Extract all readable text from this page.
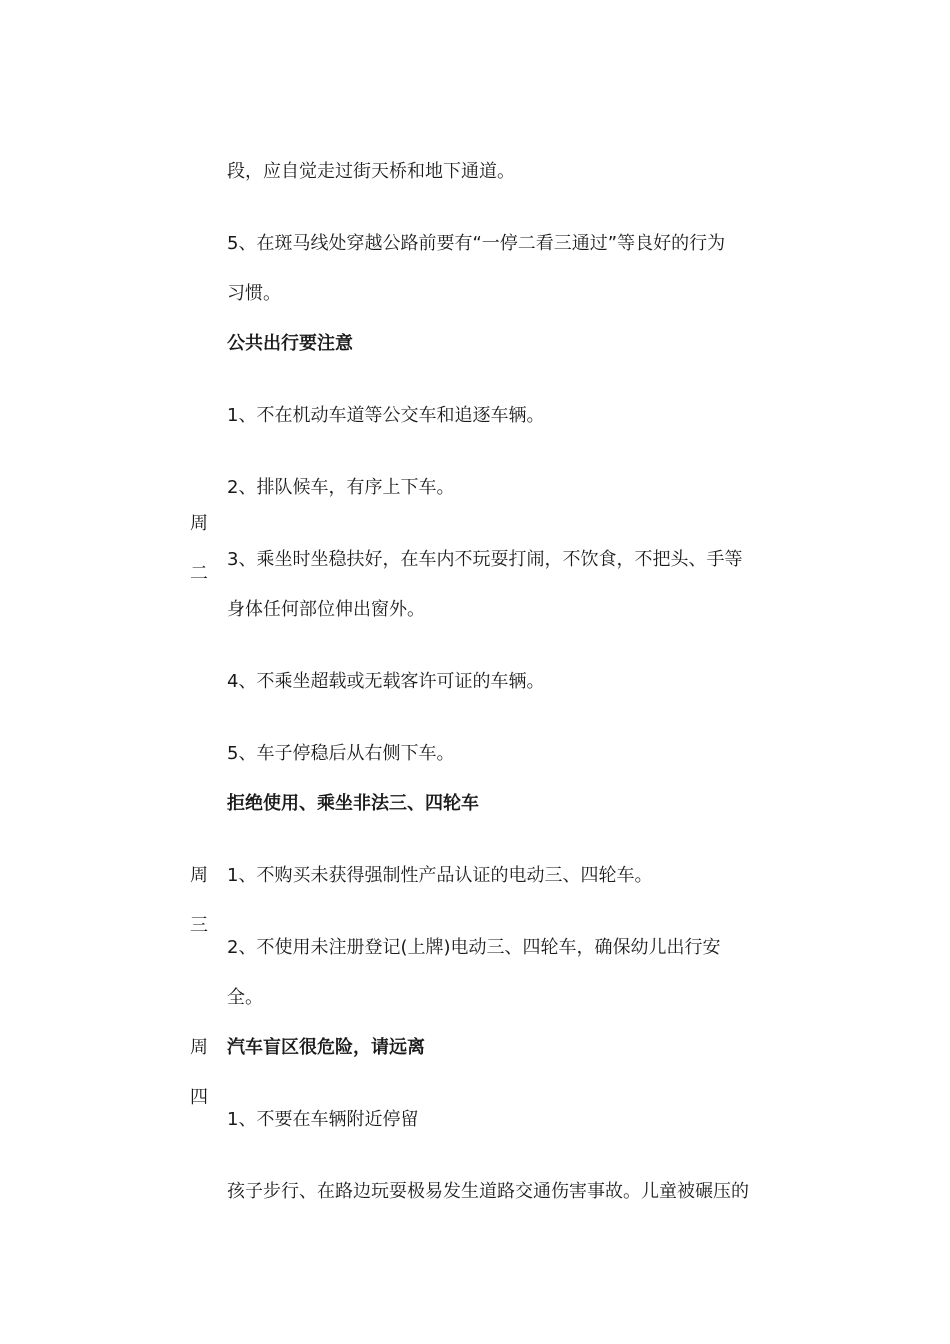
段，应自觉走过街天桥和地下通道。
5、在斑马线处穿越公路前要有“一停二看三通过”等良好的行为
习惯。
公共出行要注意
1、不在机动车道等公交车和追逐车辆。
2、排队候车，有序上下车。
3、乘坐时坐稳扶好，在车内不玩耍打闹，不饮食，不把头、手等
身体任何部位伸出窗外。
4、不乘坐超载或无载客许可证的车辆。
5、车子停稳后从右侧下车。
拒绝使用、乘坐非法三、四轮车
1、不购买未获得强制性产品认证的电动三、四轮车。
2、不使用未注册登记(上牌)电动三、四轮车，确保幼儿出行安
全。
汽车盲区很危险，请远离
1、不要在车辆附近停留
孩子步行、在路边玩耍极易发生道路交通伤害事故。儿童被碾压的
周
二
周
三
周
四
